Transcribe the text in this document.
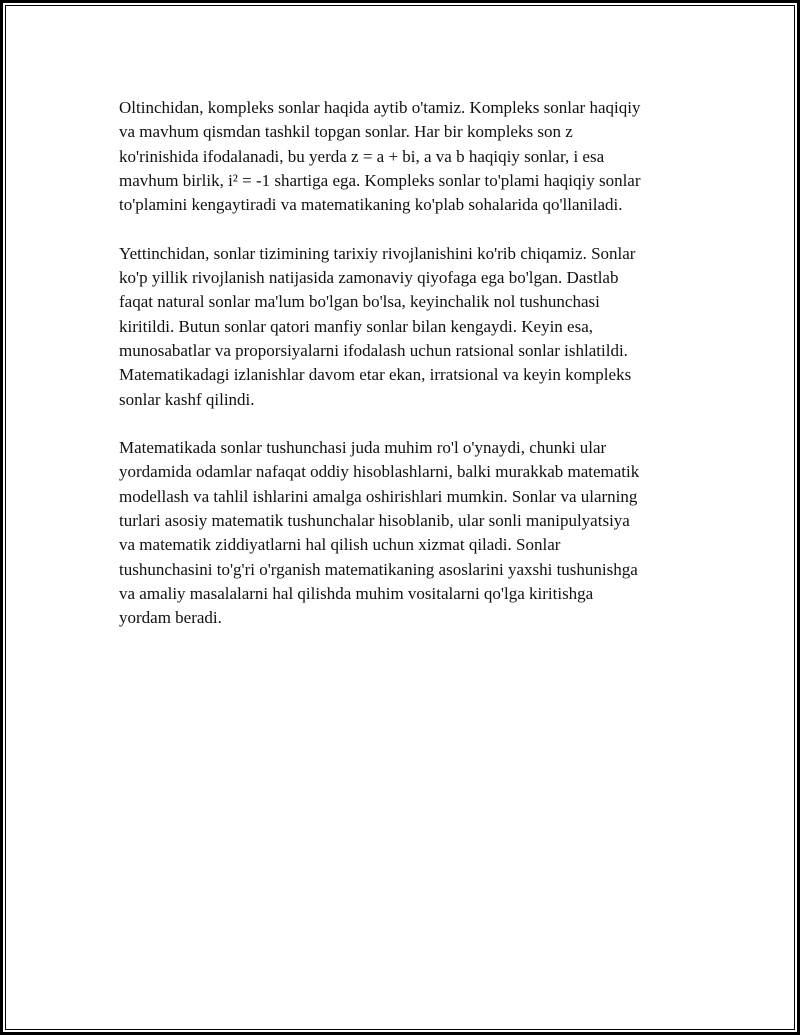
Oltinchidan, kompleks sonlar haqida aytib o'tamiz. Kompleks sonlar haqiqiy
va mavhum qismdan tashkil topgan sonlar. Har bir kompleks son z
ko'rinishida ifodalanadi, bu yerda z = a + bi, a va b haqiqiy sonlar, i esa
mavhum birlik, i² = -1 shartiga ega. Kompleks sonlar to'plami haqiqiy sonlar
to'plamini kengaytiradi va matematikaning ko'plab sohalarida qo'llaniladi.

Yettinchidan, sonlar tizimining tarixiy rivojlanishini ko'rib chiqamiz. Sonlar
ko'p yillik rivojlanish natijasida zamonaviy qiyofaga ega bo'lgan. Dastlab
faqat natural sonlar ma'lum bo'lgan bo'lsa, keyinchalik nol tushunchasi
kiritildi. Butun sonlar qatori manfiy sonlar bilan kengaydi. Keyin esa,
munosabatlar va proporsiyalarni ifodalash uchun ratsional sonlar ishlatildi.
Matematikadagi izlanishlar davom etar ekan, irratsional va keyin kompleks
sonlar kashf qilindi.

Matematikada sonlar tushunchasi juda muhim ro'l o'ynaydi, chunki ular
yordamida odamlar nafaqat oddiy hisoblashlarni, balki murakkab matematik
modellash va tahlil ishlarini amalga oshirishlari mumkin. Sonlar va ularning
turlari asosiy matematik tushunchalar hisoblanib, ular sonli manipulyatsiya
va matematik ziddiyatlarni hal qilish uchun xizmat qiladi. Sonlar
tushunchasini to'g'ri o'rganish matematikaning asoslarini yaxshi tushunishga
va amaliy masalalarni hal qilishda muhim vositalarni qo'lga kiritishga
yordam beradi.
